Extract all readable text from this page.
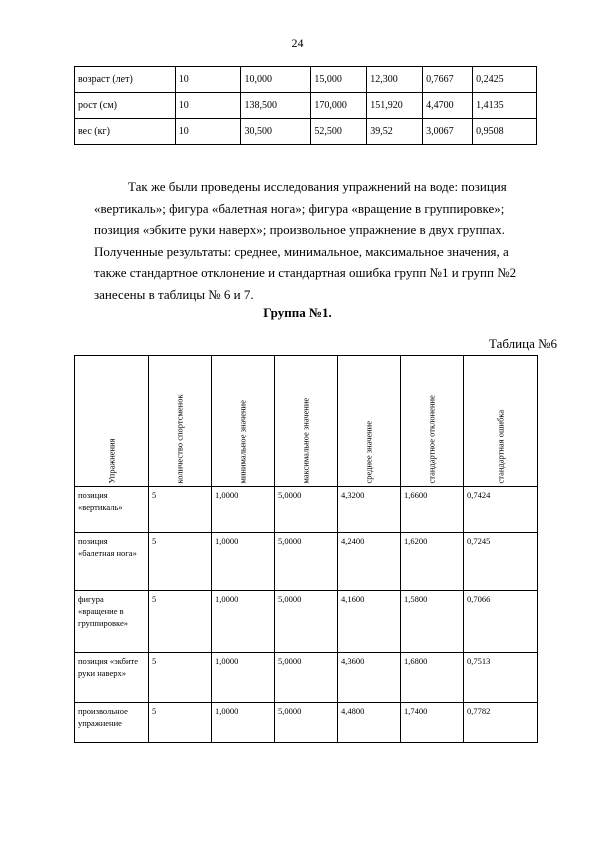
24
возраст (лет)	10	10,000	15,000	12,300	0,7667	0,2425
рост (см)	10	138,500	170,000	151,920	4,4700	1,4135
вес (кг)	10	30,500	52,500	39,52	3,0067	0,9508
Так же были проведены исследования упражнений на воде: позиция «вертикаль»; фигура «балетная нога»; фигура «вращение в группировке»; позиция «эбките руки наверх»; произвольное упражнение в двух группах. Полученные результаты: среднее, минимальное, максимальное значения, а также стандартное отклонение и стандартная ошибка групп №1 и групп №2 занесены в таблицы № 6 и 7.
Группа №1.
Таблица №6
Упражнения	количество спортсменок	минимальное значение	максимальное значение	среднее значение	стандартное отклонение	стандартная ошибка

позиция «вертикаль»	5	1,0000	5,0000	4,3200	1,6600	0,7424
позиция «балетная нога»	5	1,0000	5,0000	4,2400	1,6200	0,7245
фигура «вращение в группировке»	5	1,0000	5,0000	4,1600	1,5800	0,7066
позиция «экбите руки наверх»	5	1,0000	5,0000	4,3600	1,6800	0,7513
произвольное упражнение	5	1,0000	5,0000	4,4800	1,7400	0,7782
